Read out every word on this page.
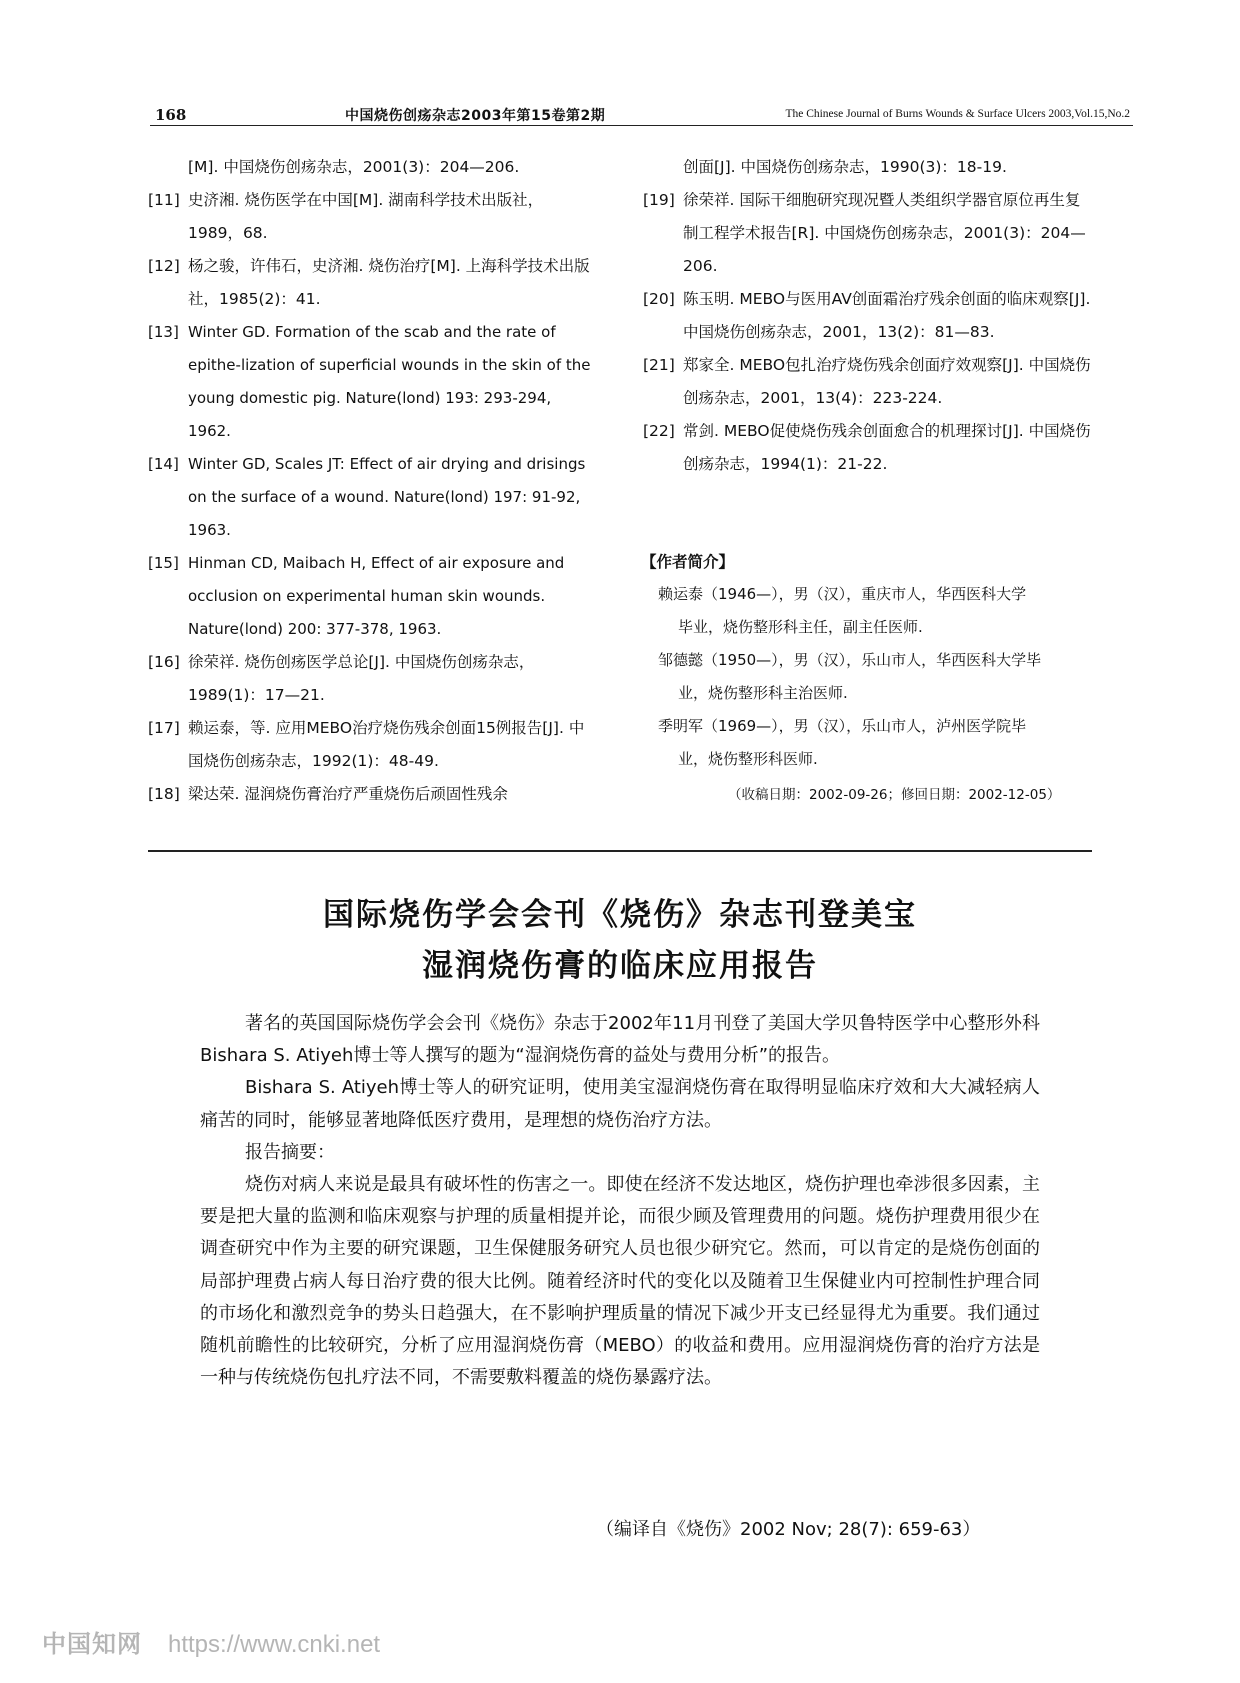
168	中国烧伤创疡杂志2003年第15卷第2期	The Chinese Journal of Burns Wounds & Surface Ulcers 2003,Vol.15,No.2
[M]. 中国烧伤创疡杂志，2001(3)：204—206.
[11] 史济湘. 烧伤医学在中国[M]. 湖南科学技术出版社，1989，68.
[12] 杨之骏，许伟石，史济湘. 烧伤治疗[M]. 上海科学技术出版社，1985(2)：41.
[13] Winter GD. Formation of the scab and the rate of epithe-lization of superficial wounds in the skin of the young domestic pig. Nature(lond) 193: 293-294, 1962.
[14] Winter GD, Scales JT: Effect of air drying and drisings on the surface of a wound. Nature(lond) 197: 91-92, 1963.
[15] Hinman CD, Maibach H, Effect of air exposure and occlusion on experimental human skin wounds. Nature(lond) 200: 377-378, 1963.
[16] 徐荣祥. 烧伤创疡医学总论[J]. 中国烧伤创疡杂志，1989(1)：17—21.
[17] 赖运泰，等. 应用MEBO治疗烧伤残余创面15例报告[J]. 中国烧伤创疡杂志，1992(1)：48-49.
[18] 梁达荣. 湿润烧伤膏治疗严重烧伤后顽固性残余
创面[J]. 中国烧伤创疡杂志，1990(3)：18-19.
[19] 徐荣祥. 国际干细胞研究现况暨人类组织学器官原位再生复制工程学术报告[R]. 中国烧伤创疡杂志，2001(3)：204—206.
[20] 陈玉明. MEBO与医用AV创面霜治疗残余创面的临床观察[J]. 中国烧伤创疡杂志，2001，13(2)：81—83.
[21] 郑家全. MEBO包扎治疗烧伤残余创面疗效观察[J]. 中国烧伤创疡杂志，2001，13(4)：223-224.
[22] 常剑. MEBO促使烧伤残余创面愈合的机理探讨[J]. 中国烧伤创疡杂志，1994(1)：21-22.
【作者简介】
赖运泰（1946—），男（汉），重庆市人，华西医科大学
毕业，烧伤整形科主任，副主任医师.
邹德懿（1950—），男（汉），乐山市人，华西医科大学毕
业，烧伤整形科主治医师.
季明军（1969—），男（汉），乐山市人，泸州医学院毕
业，烧伤整形科医师.
（收稿日期：2002-09-26；修回日期：2002-12-05）
国际烧伤学会会刊《烧伤》杂志刊登美宝
湿润烧伤膏的临床应用报告

著名的英国国际烧伤学会会刊《烧伤》杂志于2002年11月刊登了美国大学贝鲁特医学中心整形外科Bishara S. Atiyeh博士等人撰写的题为“湿润烧伤膏的益处与费用分析”的报告。

Bishara S. Atiyeh博士等人的研究证明，使用美宝湿润烧伤膏在取得明显临床疗效和大大减轻病人痛苦的同时，能够显著地降低医疗费用，是理想的烧伤治疗方法。

报告摘要：

烧伤对病人来说是最具有破坏性的伤害之一。即使在经济不发达地区，烧伤护理也牵涉很多因素，主要是把大量的监测和临床观察与护理的质量相提并论，而很少顾及管理费用的问题。烧伤护理费用很少在调查研究中作为主要的研究课题，卫生保健服务研究人员也很少研究它。然而，可以肯定的是烧伤创面的局部护理费占病人每日治疗费的很大比例。随着经济时代的变化以及随着卫生保健业内可控制性护理合同的市场化和激烈竞争的势头日趋强大，在不影响护理质量的情况下减少开支已经显得尤为重要。我们通过随机前瞻性的比较研究，分析了应用湿润烧伤膏（MEBO）的收益和费用。应用湿润烧伤膏的治疗方法是一种与传统烧伤包扎疗法不同，不需要敷料覆盖的烧伤暴露疗法。

（编译自《烧伤》2002 Nov; 28(7): 659-63）
中国知网 https://www.cnki.net
